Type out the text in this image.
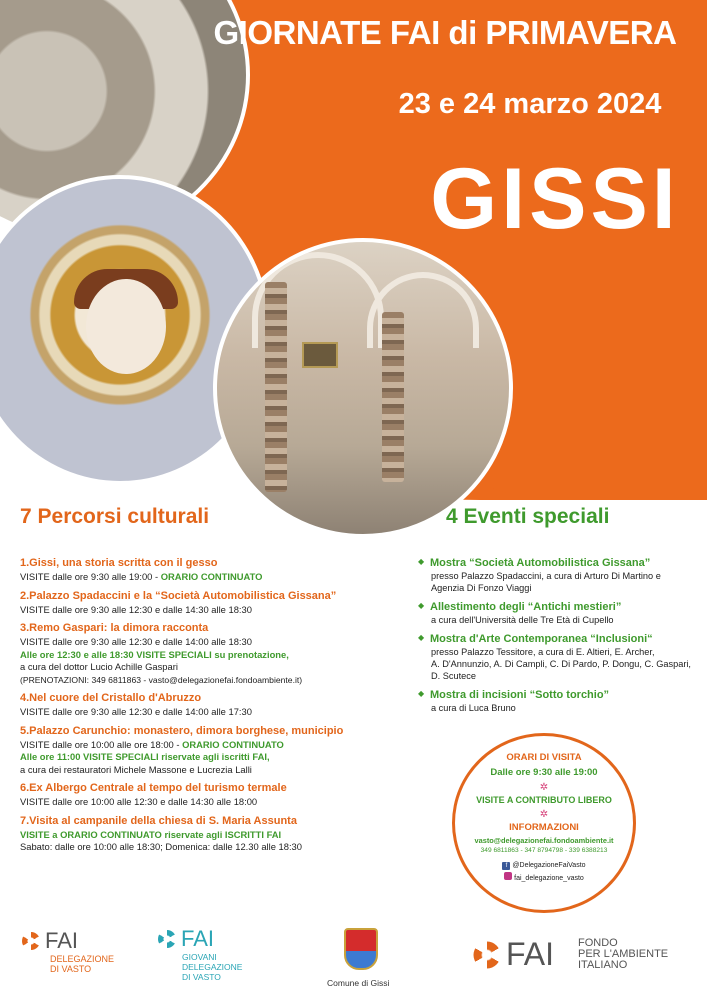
GIORNATE FAI di PRIMAVERA
23 e 24 marzo 2024
GISSI
7 Percorsi culturali	4 Eventi speciali
1.Gissi, una storia scritta con il gesso
VISITE dalle ore 9:30 alle 19:00 - ORARIO CONTINUATO
2.Palazzo Spadaccini e la “Società Automobilistica Gissana”
VISITE dalle ore 9:30 alle 12:30 e dalle 14:30 alle 18:30
3.Remo Gaspari: la dimora racconta
VISITE dalle ore 9:30 alle 12:30 e dalle 14:00 alle 18:30
Alle ore 12:30 e alle 18:30 VISITE SPECIALI su prenotazione,
a cura del dottor Lucio Achille Gaspari
(PRENOTAZIONI: 349 6811863 - vasto@delegazionefai.fondoambiente.it)
4.Nel cuore del Cristallo d'Abruzzo
VISITE dalle ore 9:30 alle 12:30 e dalle 14:00 alle 17:30
5.Palazzo Carunchio: monastero, dimora borghese, municipio
VISITE dalle ore 10:00 alle ore 18:00 - ORARIO CONTINUATO
Alle ore 11:00 VISITE SPECIALI riservate agli iscritti FAI,
a cura dei restauratori Michele Massone e Lucrezia Lalli
6.Ex Albergo Centrale al tempo del turismo termale
VISITE dalle ore 10:00 alle 12:30 e dalle 14:30 alle 18:00
7.Visita al campanile della chiesa di S. Maria Assunta
VISITE a ORARIO CONTINUATO riservate agli ISCRITTI FAI
Sabato: dalle ore 10:00 alle 18:30; Domenica: dalle 12.30 alle 18:30
◆ Mostra “Società Automobilistica Gissana”
presso Palazzo Spadaccini, a cura di Arturo Di Martino e
Agenzia Di Fonzo Viaggi
◆ Allestimento degli “Antichi mestieri”
a cura dell'Università delle Tre Età di Cupello
◆ Mostra d'Arte Contemporanea “Inclusioni“
presso Palazzo Tessitore, a cura di E. Altieri, E. Archer,
A. D'Annunzio, A. Di Campli, C. Di Pardo, P. Dongu, C. Gaspari,
D. Scutece
◆ Mostra di incisioni “Sotto torchio”
a cura di Luca Bruno
ORARI DI VISITA
Dalle ore 9:30 alle 19:00
✲
VISITE A CONTRIBUTO LIBERO
✲
INFORMAZIONI
vasto@delegazionefai.fondoambiente.it
349 6811863 - 347 8794798 - 339 6388213
f @DelegazioneFaiVasto
fai_delegazione_vasto
FAI
DELEGAZIONE
DI VASTO
FAI
GIOVANI
DELEGAZIONE
DI VASTO
Comune di Gissi
FAI FONDO
PER L'AMBIENTE
ITALIANO
